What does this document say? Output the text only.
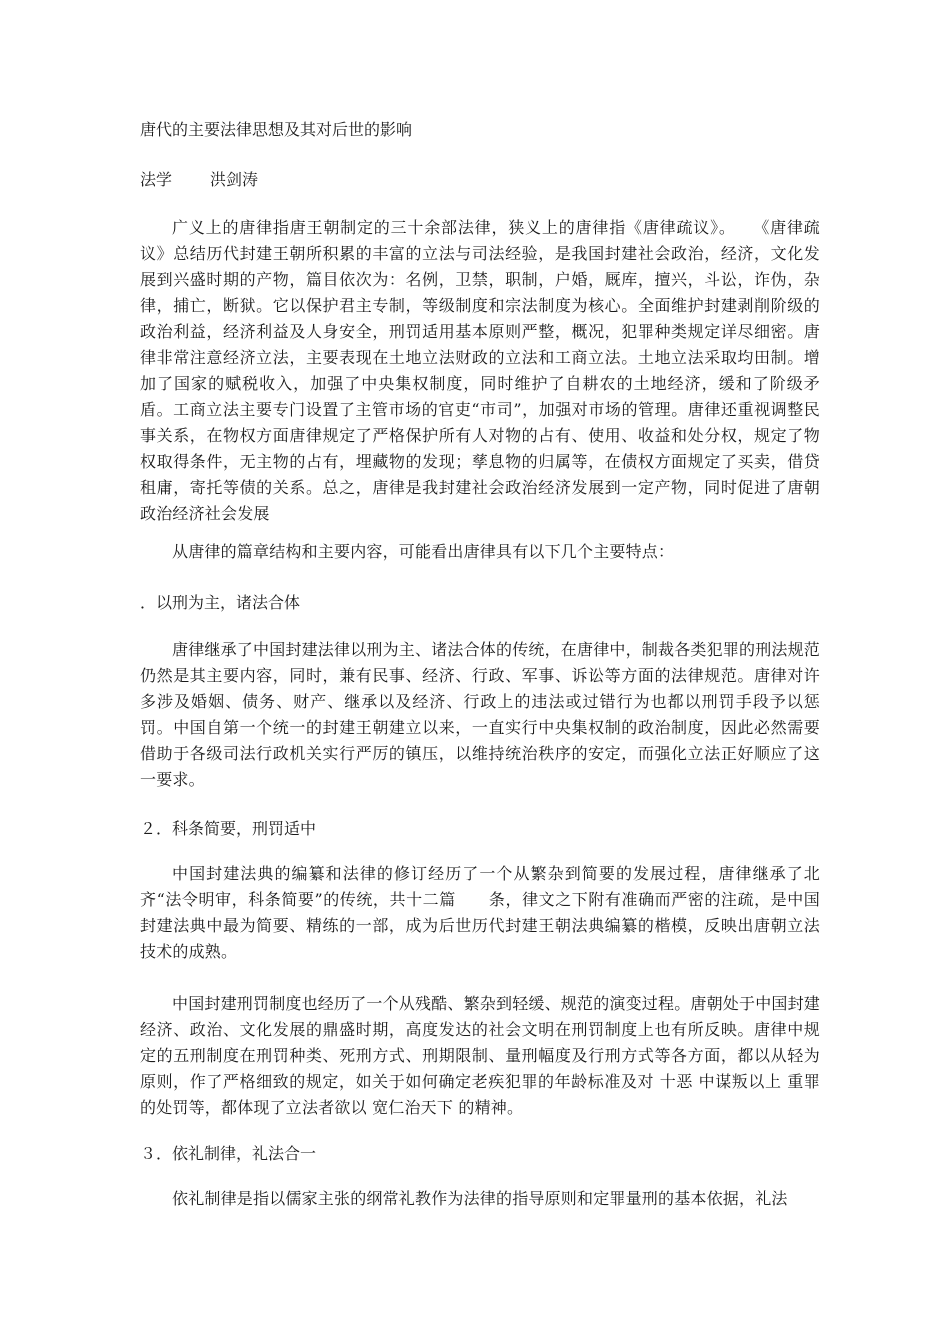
唐代的主要法律思想及其对后世的影响
法学 洪剑涛

广义上的唐律指唐王朝制定的三十余部法律，狭义上的唐律指《唐律疏议》。　　《唐律疏议》总结历代封建王朝所积累的丰富的立法与司法经验，是我国封建社会政治，经济，文化发展到兴盛时期的产物，篇目依次为：名例，卫禁，职制，户婚，厩库，擅兴，斗讼，诈伪，杂律，捕亡，断狱。它以保护君主专制，等级制度和宗法制度为核心。全面维护封建剥削阶级的政治利益，经济利益及人身安全，刑罚适用基本原则严整，概况，犯罪种类规定详尽细密。唐律非常注意经济立法，主要表现在土地立法财政的立法和工商立法。土地立法采取均田制。增加了国家的赋税收入，加强了中央集权制度，同时维护了自耕农的土地经济，缓和了阶级矛盾。工商立法主要专门设置了主管市场的官吏“市司”，加强对市场的管理。唐律还重视调整民事关系，在物权方面唐律规定了严格保护所有人对物的占有、使用、收益和处分权，规定了物权取得条件，无主物的占有，埋藏物的发现；孳息物的归属等，在债权方面规定了买卖，借贷租庸，寄托等债的关系。总之，唐律是我封建社会政治经济发展到一定产物，同时促进了唐朝政治经济社会发展

从唐律的篇章结构和主要内容，可能看出唐律具有以下几个主要特点：

．以刑为主，诸法合体

唐律继承了中国封建法律以刑为主、诸法合体的传统，在唐律中，制裁各类犯罪的刑法规范仍然是其主要内容，同时，兼有民事、经济、行政、军事、诉讼等方面的法律规范。唐律对许多涉及婚姻、债务、财产、继承以及经济、行政上的违法或过错行为也都以刑罚手段予以惩罚。中国自第一个统一的封建王朝建立以来，一直实行中央集权制的政治制度，因此必然需要借助于各级司法行政机关实行严厉的镇压，以维持统治秩序的安定，而强化立法正好顺应了这一要求。

２．科条简要，刑罚适中

中国封建法典的编纂和法律的修订经历了一个从繁杂到简要的发展过程，唐律继承了北齐“法令明审，科条简要”的传统，共十二篇　　条，律文之下附有准确而严密的注疏，是中国封建法典中最为简要、精练的一部，成为后世历代封建王朝法典编纂的楷模，反映出唐朝立法技术的成熟。

中国封建刑罚制度也经历了一个从残酷、繁杂到轻缓、规范的演变过程。唐朝处于中国封建经济、政治、文化发展的鼎盛时期，高度发达的社会文明在刑罚制度上也有所反映。唐律中规定的五刑制度在刑罚种类、死刑方式、刑期限制、量刑幅度及行刑方式等各方面，都以从轻为原则，作了严格细致的规定，如关于如何确定老疾犯罪的年龄标准及对 十恶 中谋叛以上 重罪的处罚等，都体现了立法者欲以 宽仁治天下 的精神。

３．依礼制律，礼法合一

依礼制律是指以儒家主张的纲常礼教作为法律的指导原则和定罪量刑的基本依据，礼法
